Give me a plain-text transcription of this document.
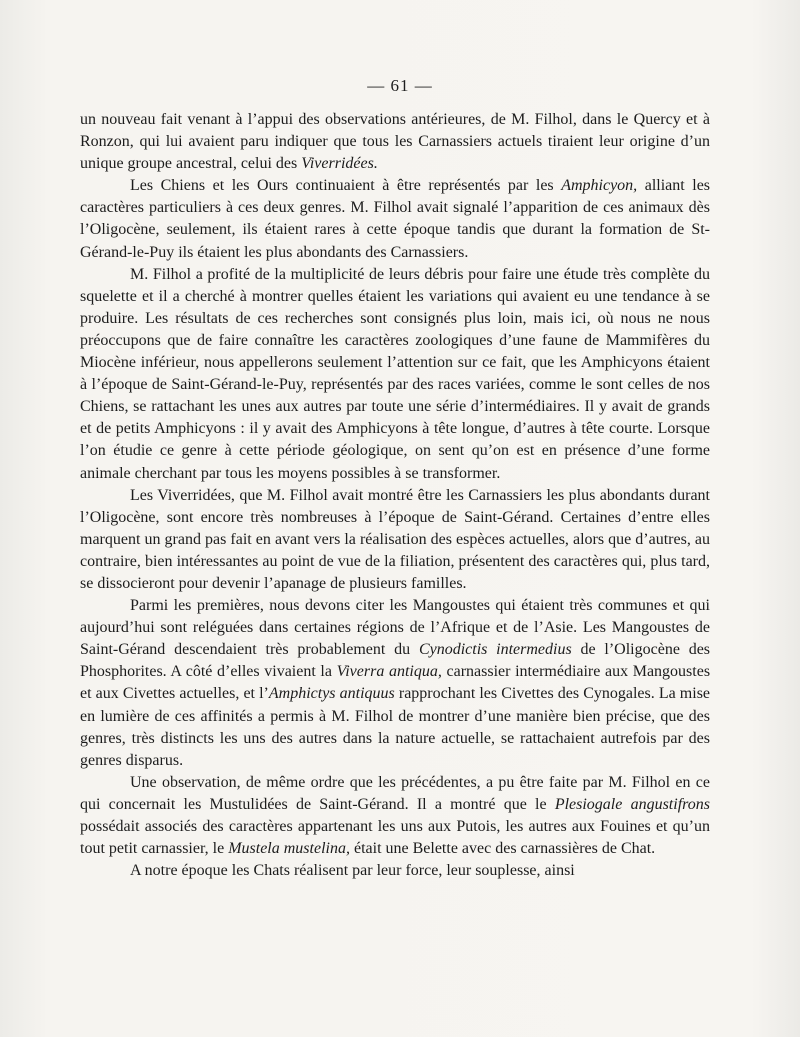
— 61 —

un nouveau fait venant à l’appui des observations antérieures, de M. Filhol, dans le Quercy et à Ronzon, qui lui avaient paru indiquer que tous les Carnassiers actuels tiraient leur origine d’un unique groupe ancestral, celui des Viverridées.

Les Chiens et les Ours continuaient à être représentés par les Amphicyon, alliant les caractères particuliers à ces deux genres. M. Filhol avait signalé l’apparition de ces animaux dès l’Oligocène, seulement, ils étaient rares à cette époque tandis que durant la formation de St-Gérand-le-Puy ils étaient les plus abondants des Carnassiers.

M. Filhol a profité de la multiplicité de leurs débris pour faire une étude très complète du squelette et il a cherché à montrer quelles étaient les variations qui avaient eu une tendance à se produire. Les résultats de ces recherches sont consignés plus loin, mais ici, où nous ne nous préoccupons que de faire connaître les caractères zoologiques d’une faune de Mammifères du Miocène inférieur, nous appellerons seulement l’attention sur ce fait, que les Amphicyons étaient à l’époque de Saint-Gérand-le-Puy, représentés par des races variées, comme le sont celles de nos Chiens, se rattachant les unes aux autres par toute une série d’intermédiaires. Il y avait de grands et de petits Amphicyons : il y avait des Amphicyons à tête longue, d’autres à tête courte. Lorsque l’on étudie ce genre à cette période géologique, on sent qu’on est en présence d’une forme animale cherchant par tous les moyens possibles à se transformer.

Les Viverridées, que M. Filhol avait montré être les Carnassiers les plus abondants durant l’Oligocène, sont encore très nombreuses à l’époque de Saint-Gérand. Certaines d’entre elles marquent un grand pas fait en avant vers la réalisation des espèces actuelles, alors que d’autres, au contraire, bien intéressantes au point de vue de la filiation, présentent des caractères qui, plus tard, se dissocieront pour devenir l’apanage de plusieurs familles.

Parmi les premières, nous devons citer les Mangoustes qui étaient très communes et qui aujourd’hui sont reléguées dans certaines régions de l’Afrique et de l’Asie. Les Mangoustes de Saint-Gérand descendaient très probablement du Cynodictis intermedius de l’Oligocène des Phosphorites. A côté d’elles vivaient la Viverra antiqua, carnassier intermédiaire aux Mangoustes et aux Civettes actuelles, et l’Amphictys antiquus rapprochant les Civettes des Cynogales. La mise en lumière de ces affinités a permis à M. Filhol de montrer d’une manière bien précise, que des genres, très distincts les uns des autres dans la nature actuelle, se rattachaient autrefois par des genres disparus.

Une observation, de même ordre que les précédentes, a pu être faite par M. Filhol en ce qui concernait les Mustulidées de Saint-Gérand. Il a montré que le Plesiogale angustifrons possédait associés des caractères appartenant les uns aux Putois, les autres aux Fouines et qu’un tout petit carnassier, le Mustela mustelina, était une Belette avec des carnassières de Chat.

A notre époque les Chats réalisent par leur force, leur souplesse, ainsi
